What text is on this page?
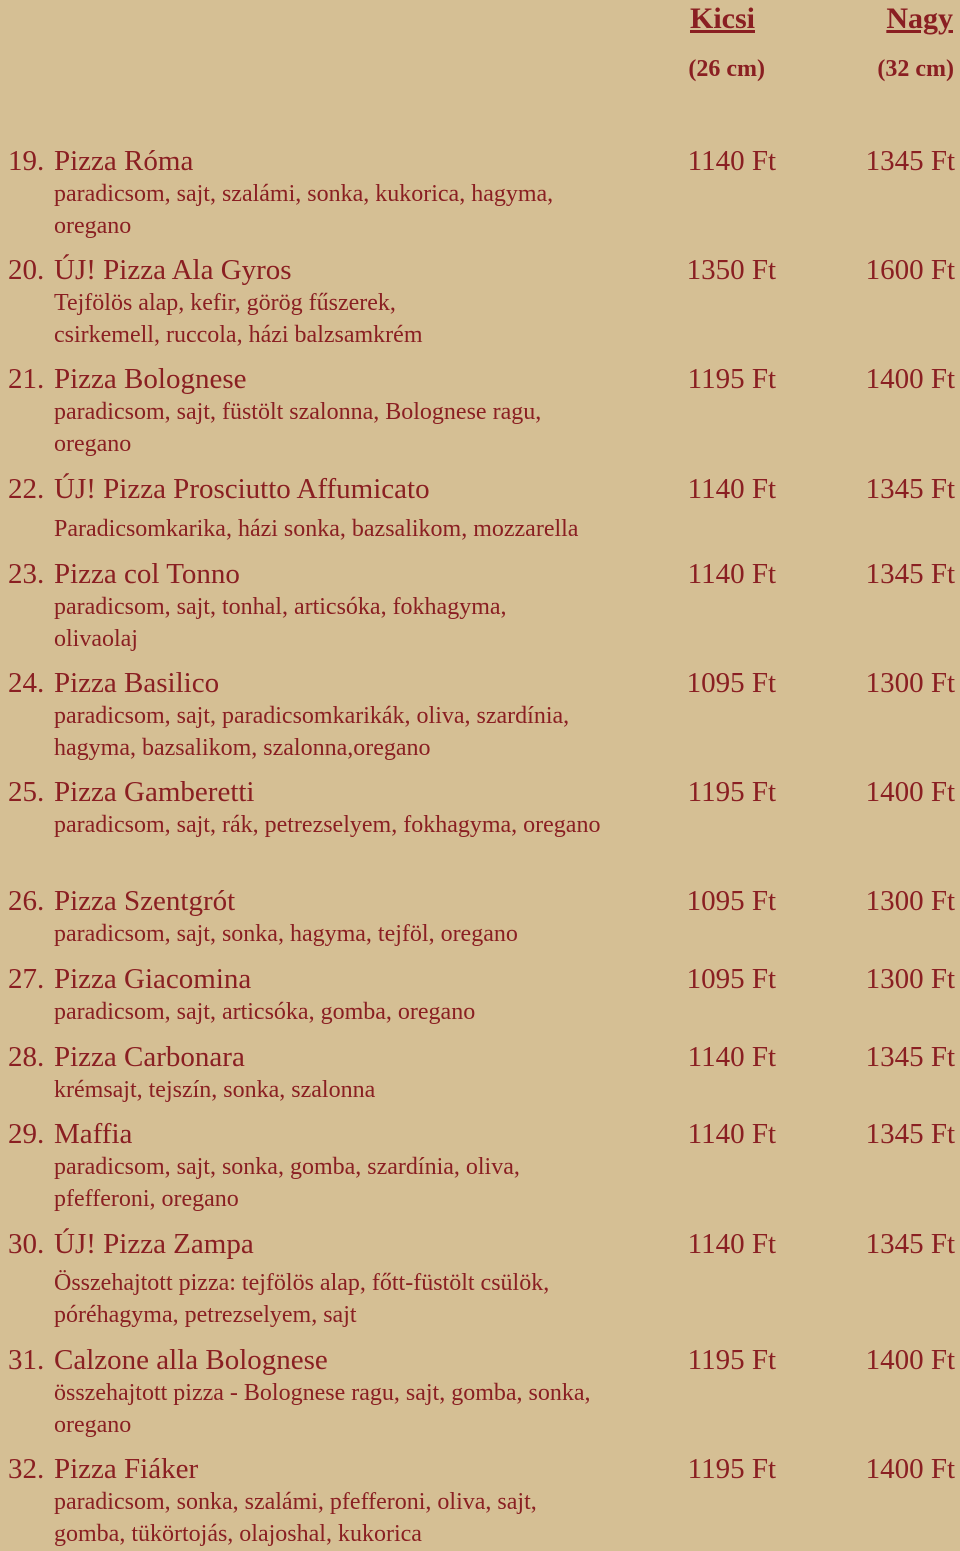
Kicsi	Nagy
(26 cm)	(32 cm)
19. Pizza Róma	1140 Ft	1345 Ft
paradicsom, sajt, szalámi, sonka, kukorica, hagyma, oregano
20. ÚJ! Pizza Ala Gyros	1350 Ft	1600 Ft
Tejfölös alap, kefir, görög fűszerek, csirkemell, ruccola, házi balzsamkrém
21. Pizza Bolognese	1195 Ft	1400 Ft
paradicsom, sajt, füstölt szalonna, Bolognese ragu, oregano
22. ÚJ! Pizza Prosciutto Affumicato	1140 Ft	1345 Ft
Paradicsomkarika, házi sonka, bazsalikom, mozzarella
23. Pizza col Tonno	1140 Ft	1345 Ft
paradicsom, sajt, tonhal, articsóka, fokhagyma, olivaolaj
24. Pizza Basilico	1095 Ft	1300 Ft
paradicsom, sajt, paradicsomkarikák, oliva, szardínia, hagyma, bazsalikom, szalonna,oregano
25. Pizza Gamberetti	1195 Ft	1400 Ft
paradicsom, sajt, rák, petrezselyem, fokhagyma, oregano
26. Pizza Szentgrót	1095 Ft	1300 Ft
paradicsom, sajt, sonka, hagyma, tejföl, oregano
27. Pizza Giacomina	1095 Ft	1300 Ft
paradicsom, sajt, articsóka, gomba, oregano
28. Pizza Carbonara	1140 Ft	1345 Ft
krémsajt, tejszín, sonka, szalonna
29. Maffia	1140 Ft	1345 Ft
paradicsom, sajt, sonka, gomba, szardínia, oliva, pfefferoni, oregano
30. ÚJ! Pizza Zampa	1140 Ft	1345 Ft
Összehajtott pizza: tejfölös alap, főtt-füstölt csülök, póréhagyma, petrezselyem, sajt
31. Calzone alla Bolognese	1195 Ft	1400 Ft
összehajtott pizza - Bolognese ragu, sajt, gomba, sonka, oregano
32. Pizza Fiáker	1195 Ft	1400 Ft
paradicsom, sonka, szalámi, pfefferoni, oliva, sajt, gomba, tükörtojás, olajoshal, kukorica
